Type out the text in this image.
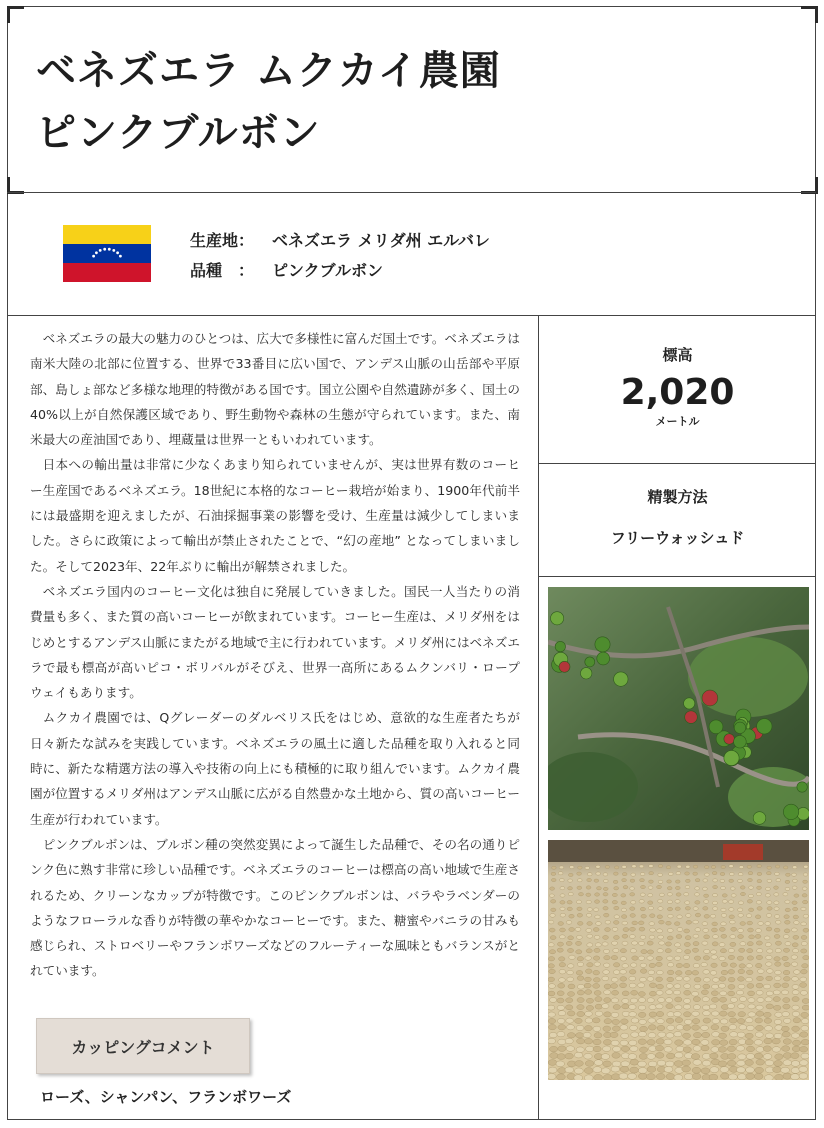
ベネズエラ ムクカイ農園
ピンクブルボン
生産地：	ベネズエラ メリダ州 エルバレ
品種　：	ピンクブルボン

ベネズエラの最大の魅力のひとつは、広大で多様性に富んだ国土です。ベネズエラは南米大陸の北部に位置する、世界で33番目に広い国で、アンデス山脈の山岳部や平原部、島しょ部など多様な地理的特徴がある国です。国立公園や自然遺跡が多く、国土の40%以上が自然保護区域であり、野生動物や森林の生態が守られています。また、南米最大の産油国であり、埋蔵量は世界一ともいわれています。

日本への輸出量は非常に少なくあまり知られていませんが、実は世界有数のコーヒー生産国であるベネズエラ。18世紀に本格的なコーヒー栽培が始まり、1900年代前半には最盛期を迎えましたが、石油採掘事業の影響を受け、生産量は減少してしまいました。さらに政策によって輸出が禁止されたことで、“幻の産地” となってしまいました。そして2023年、22年ぶりに輸出が解禁されました。

ベネズエラ国内のコーヒー文化は独自に発展していきました。国民一人当たりの消費量も多く、また質の高いコーヒーが飲まれています。コーヒー生産は、メリダ州をはじめとするアンデス山脈にまたがる地域で主に行われています。メリダ州にはベネズエラで最も標高が高いピコ・ボリバルがそびえ、世界一高所にあるムクンバリ・ロープウェイもあります。

ムクカイ農園では、Qグレーダーのダルベリス氏をはじめ、意欲的な生産者たちが日々新たな試みを実践しています。ベネズエラの風土に適した品種を取り入れると同時に、新たな精選方法の導入や技術の向上にも積極的に取り組んでいます。ムクカイ農園が位置するメリダ州はアンデス山脈に広がる自然豊かな土地から、質の高いコーヒー生産が行われています。

ピンクブルボンは、ブルボン種の突然変異によって誕生した品種で、その名の通りピンク色に熟す非常に珍しい品種です。ベネズエラのコーヒーは標高の高い地域で生産されるため、クリーンなカップが特徴です。このピンクブルボンは、バラやラベンダーのようなフローラルな香りが特徴の華やかなコーヒーです。また、糖蜜やバニラの甘みも感じられ、ストロベリーやフランボワーズなどのフルーティーな風味ともバランスがとれています。

標高
2,020
メートル
精製方法
フリーウォッシュド
カッピングコメント
ローズ、シャンパン、フランボワーズ
